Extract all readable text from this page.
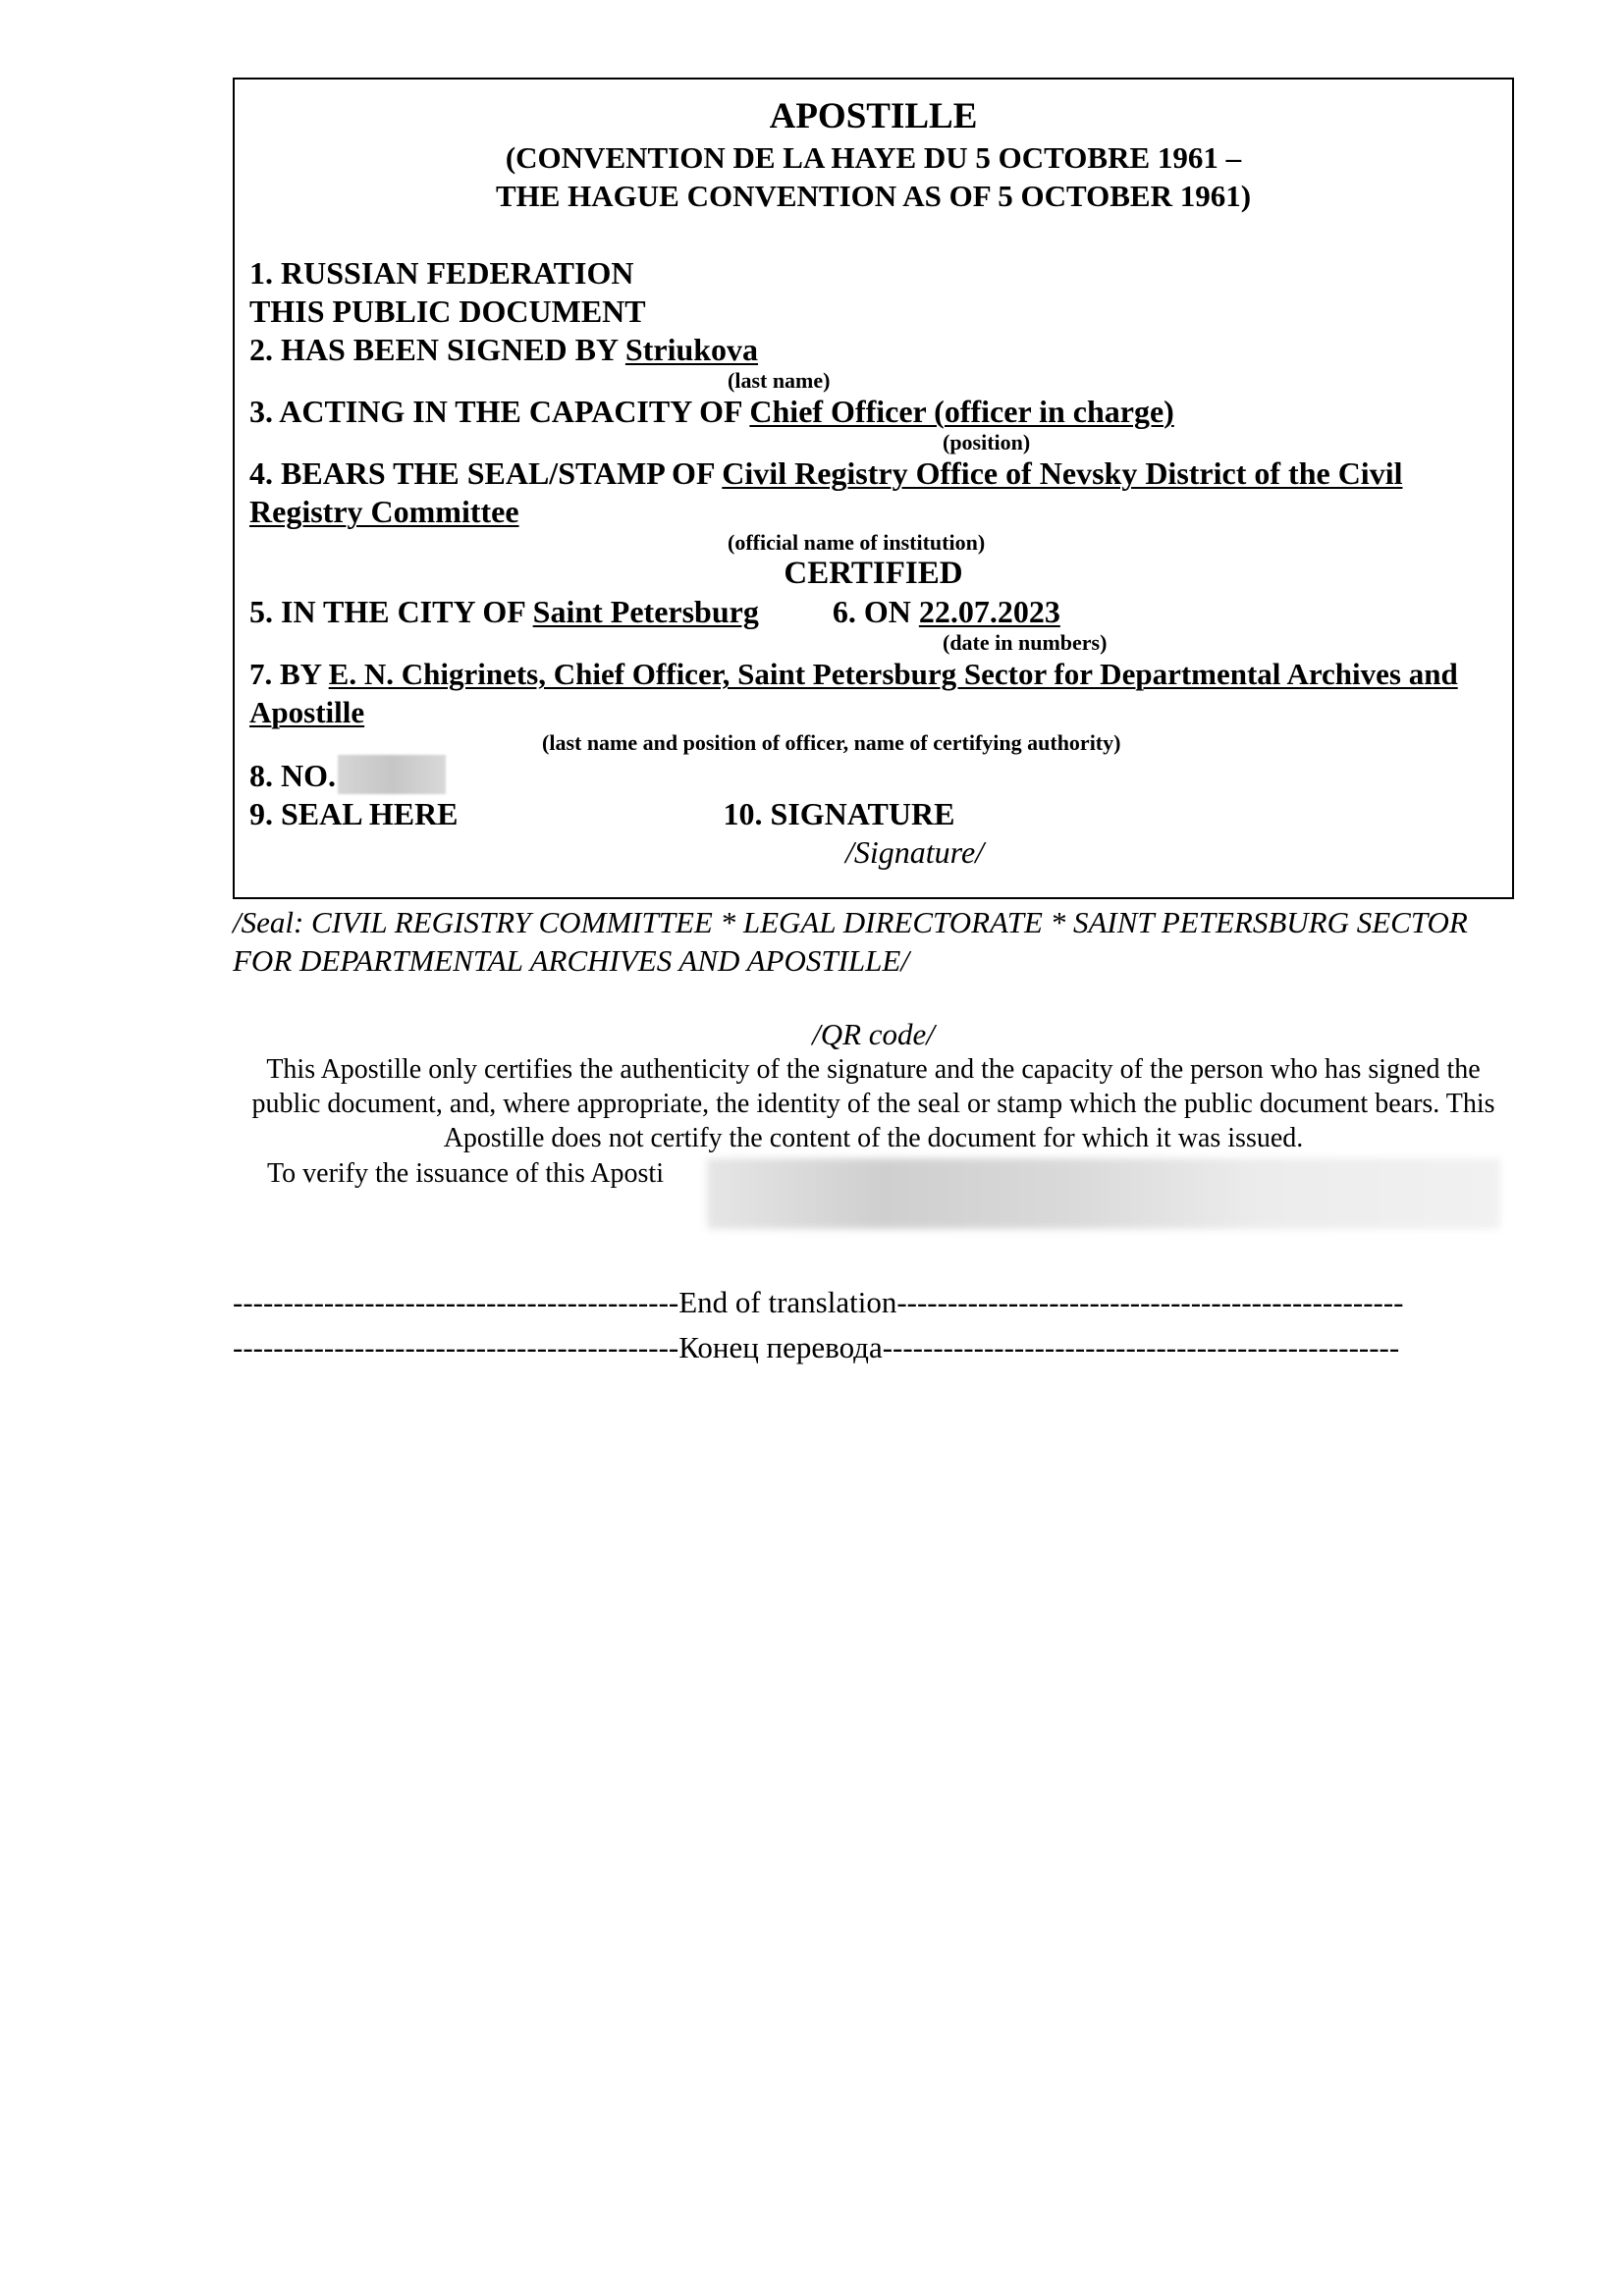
APOSTILLE
(CONVENTION DE LA HAYE DU 5 OCTOBRE 1961 –
THE HAGUE CONVENTION AS OF 5 OCTOBER 1961)
1. RUSSIAN FEDERATION
THIS PUBLIC DOCUMENT
2. HAS BEEN SIGNED BY Striukova
(last name)
3. ACTING IN THE CAPACITY OF Chief Officer (officer in charge)
(position)
4. BEARS THE SEAL/STAMP OF Civil Registry Office of Nevsky District of the Civil Registry Committee
(official name of institution)
CERTIFIED
5. IN THE CITY OF Saint Petersburg 6. ON 22.07.2023
(date in numbers)
7. BY E. N. Chigrinets, Chief Officer, Saint Petersburg Sector for Departmental Archives and Apostille
(last name and position of officer, name of certifying authority)
8. NO.
9. SEAL HERE	10. SIGNATURE
/Signature/
/Seal: CIVIL REGISTRY COMMITTEE * LEGAL DIRECTORATE * SAINT PETERSBURG SECTOR FOR DEPARTMENTAL ARCHIVES AND APOSTILLE/
/QR code/
This Apostille only certifies the authenticity of the signature and the capacity of the person who has signed the public document, and, where appropriate, the identity of the seal or stamp which the public document bears. This Apostille does not certify the content of the document for which it was issued.
To verify the issuance of this Aposti
--------------------------------------------End of translation--------------------------------------------------
--------------------------------------------Конец перевода---------------------------------------------------
